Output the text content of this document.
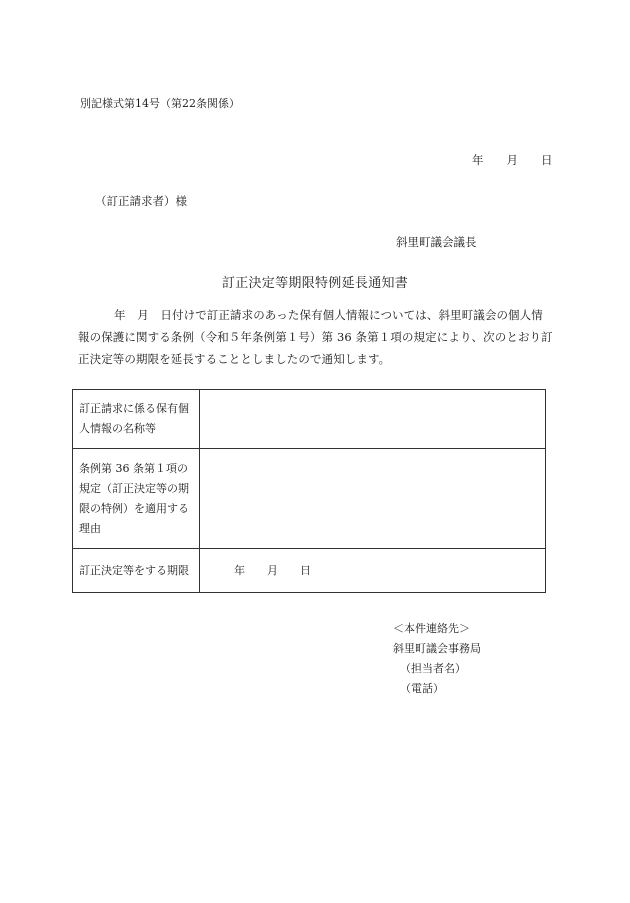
別記様式第14号（第22条関係）
年　　月　　日
（訂正請求者）様
斜里町議会議長
訂正決定等期限特例延長通知書
年　月　日付けで訂正請求のあった保有個人情報については、斜里町議会の個人情報の保護に関する条例（令和５年条例第１号）第 36 条第１項の規定により、次のとおり訂正決定等の期限を延長することとしましたので通知します。
訂正請求に係る保有個人情報の名称等	
条例第 36 条第１項の規定（訂正決定等の期限の特例）を適用する理由	
訂正決定等をする期限	年　　月　　日
＜本件連絡先＞
斜里町議会事務局
（担当者名）
（電話）
